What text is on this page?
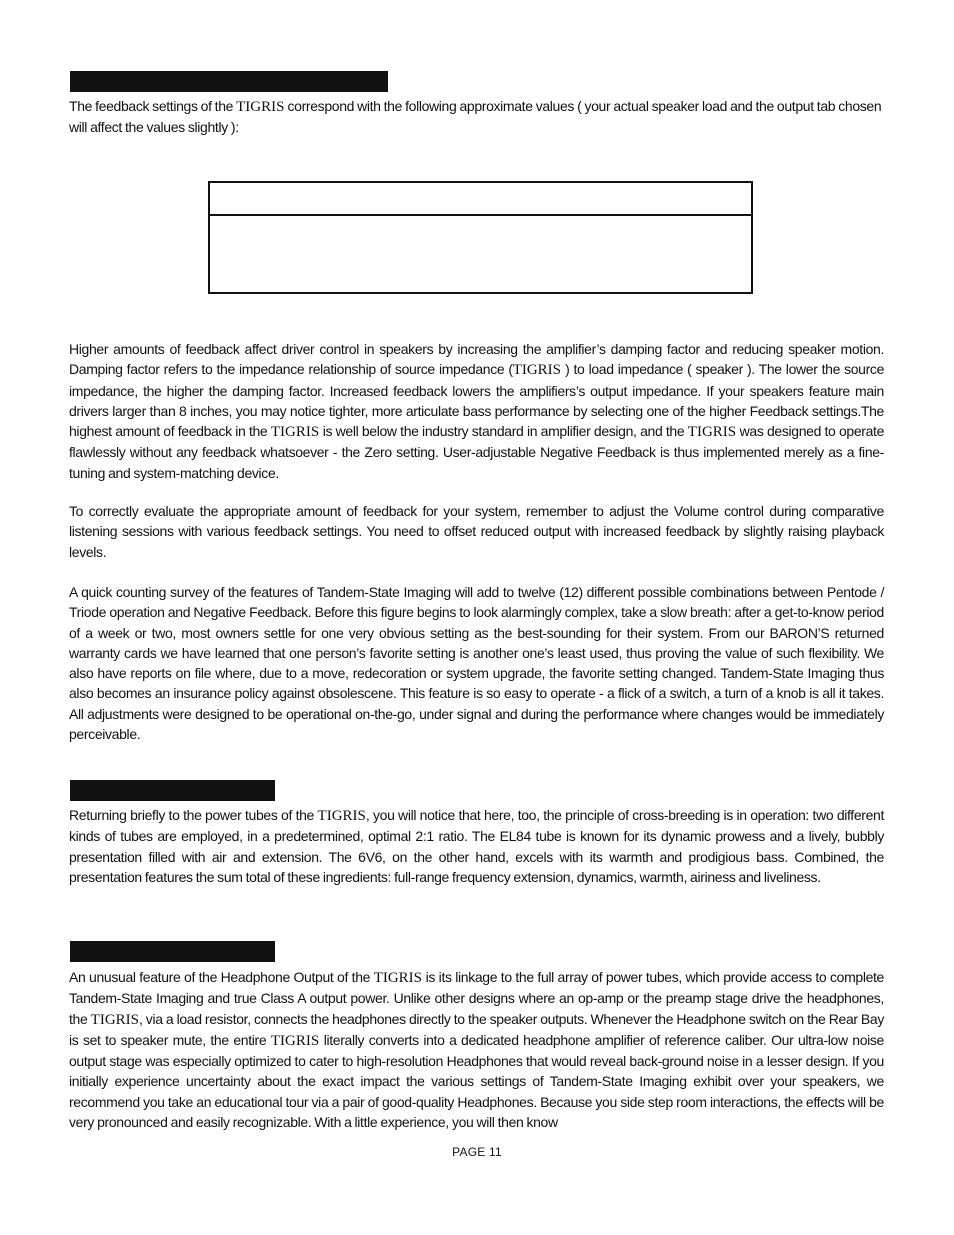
The feedback settings of the TIGRIS correspond with the following approximate values ( your actual speaker load and the output tab chosen will affect the values slightly ):

Higher amounts of feedback affect driver control in speakers by increasing the amplifier’s damping factor and reducing speaker motion. Damping factor refers to the impedance relationship of source impedance (TIGRIS ) to load impedance ( speaker ). The lower the source impedance, the higher the damping factor. Increased feedback lowers the amplifiers’s output impedance. If your speakers feature main drivers larger than 8 inches, you may notice tighter, more articulate bass performance by selecting one of the higher Feedback settings.The highest amount of feedback in the TIGRIS is well below the industry standard in amplifier design, and the TIGRIS was designed to operate flawlessly without any feedback whatsoever - the Zero setting. User-adjustable Negative Feedback is thus implemented merely as a fine-tuning and system-matching device.

To correctly evaluate the appropriate amount of feedback for your system, remember to adjust the Volume control during comparative listening sessions with various feedback settings. You need to offset reduced output with increased feedback by slightly raising playback levels.

A quick counting survey of the features of Tandem-State Imaging will add to twelve (12) different possible combinations between Pentode / Triode operation and Negative Feedback. Before this figure begins to look alarmingly complex, take a slow breath: after a get-to-know period of a week or two, most owners settle for one very obvious setting as the best-sounding for their system. From our BARON’S returned warranty cards we have learned that one person’s favorite setting is another one’s least used, thus proving the value of such flexibility. We also have reports on file where, due to a move, redecoration or system upgrade, the favorite setting changed. Tandem-State Imaging thus also becomes an insurance policy against obsolescene. This feature is so easy to operate - a flick of a switch, a turn of a knob is all it takes. All adjustments were designed to be operational on-the-go, under signal and during the performance where changes would be immediately perceivable.

Returning briefly to the power tubes of the TIGRIS, you will notice that here, too, the principle of cross-breeding is in operation: two different kinds of tubes are employed, in a predetermined, optimal 2:1 ratio. The EL84 tube is known for its dynamic prowess and a lively, bubbly presentation filled with air and extension. The 6V6, on the other hand, excels with its warmth and prodigious bass. Combined, the presentation features the sum total of these ingredients: full-range frequency extension, dynamics, warmth, airiness and liveliness.

An unusual feature of the Headphone Output of the TIGRIS is its linkage to the full array of power tubes, which provide access to complete Tandem-State Imaging and true Class A output power. Unlike other designs where an op-amp or the preamp stage drive the headphones, the TIGRIS, via a load resistor, connects the headphones directly to the speaker outputs. Whenever the Headphone switch on the Rear Bay is set to speaker mute, the entire TIGRIS literally converts into a dedicated headphone amplifier of reference caliber. Our ultra-low noise output stage was especially optimized to cater to high-resolution Headphones that would reveal back-ground noise in a lesser design. If you initially experience uncertainty about the exact impact the various settings of Tandem-State Imaging exhibit over your speakers, we recommend you take an educational tour via a pair of good-quality Headphones. Because you side step room interactions, the effects will be very pronounced and easily recognizable. With a little experience, you will then know

PAGE 11
